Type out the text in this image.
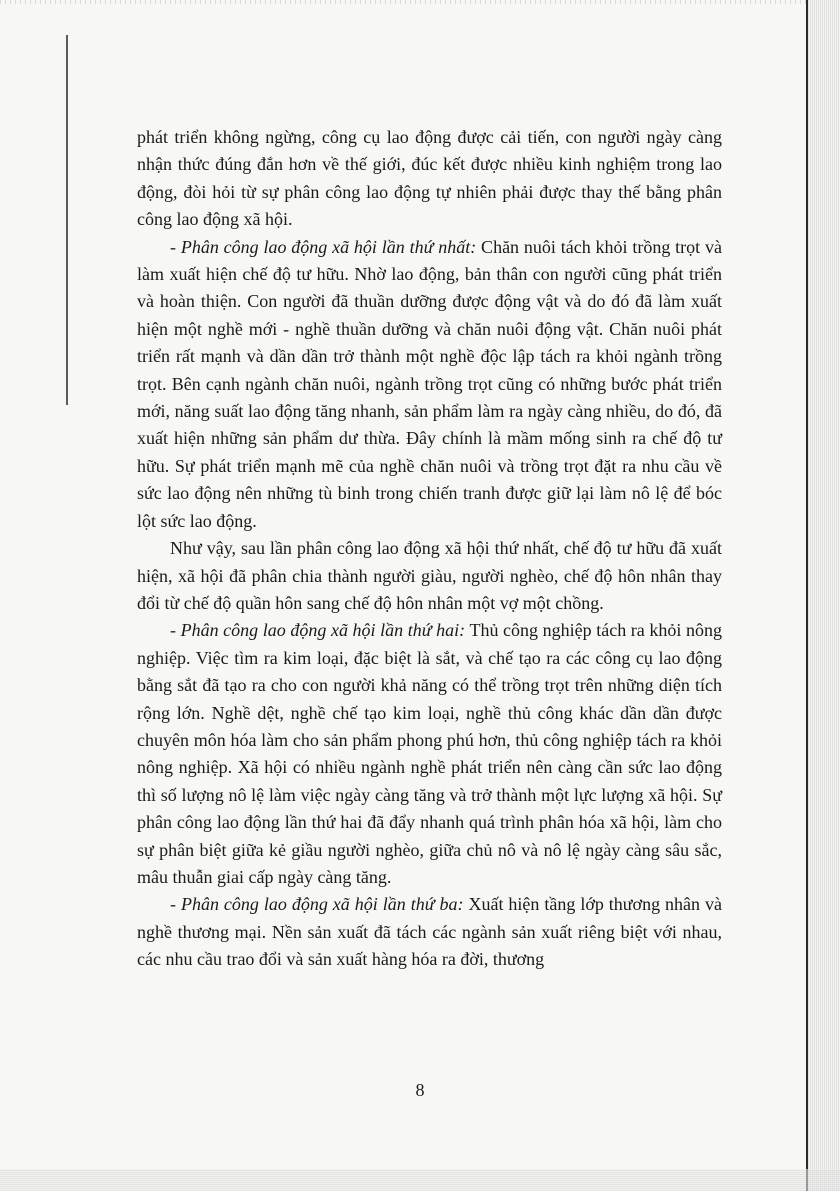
phát triển không ngừng, công cụ lao động được cải tiến, con người ngày càng nhận thức đúng đắn hơn về thế giới, đúc kết được nhiều kinh nghiệm trong lao động, đòi hỏi từ sự phân công lao động tự nhiên phải được thay thế bằng phân công lao động xã hội.

- Phân công lao động xã hội lần thứ nhất: Chăn nuôi tách khỏi trồng trọt và làm xuất hiện chế độ tư hữu. Nhờ lao động, bản thân con người cũng phát triển và hoàn thiện. Con người đã thuần dưỡng được động vật và do đó đã làm xuất hiện một nghề mới - nghề thuần dưỡng và chăn nuôi động vật. Chăn nuôi phát triển rất mạnh và dần dần trở thành một nghề độc lập tách ra khỏi ngành trồng trọt. Bên cạnh ngành chăn nuôi, ngành trồng trọt cũng có những bước phát triển mới, năng suất lao động tăng nhanh, sản phẩm làm ra ngày càng nhiều, do đó, đã xuất hiện những sản phẩm dư thừa. Đây chính là mầm mống sinh ra chế độ tư hữu. Sự phát triển mạnh mẽ của nghề chăn nuôi và trồng trọt đặt ra nhu cầu về sức lao động nên những tù binh trong chiến tranh được giữ lại làm nô lệ để bóc lột sức lao động.

Như vậy, sau lần phân công lao động xã hội thứ nhất, chế độ tư hữu đã xuất hiện, xã hội đã phân chia thành người giàu, người nghèo, chế độ hôn nhân thay đổi từ chế độ quần hôn sang chế độ hôn nhân một vợ một chồng.

- Phân công lao động xã hội lần thứ hai: Thủ công nghiệp tách ra khỏi nông nghiệp. Việc tìm ra kim loại, đặc biệt là sắt, và chế tạo ra các công cụ lao động bằng sắt đã tạo ra cho con người khả năng có thể trồng trọt trên những diện tích rộng lớn. Nghề dệt, nghề chế tạo kim loại, nghề thủ công khác dần dần được chuyên môn hóa làm cho sản phẩm phong phú hơn, thủ công nghiệp tách ra khỏi nông nghiệp. Xã hội có nhiều ngành nghề phát triển nên càng cần sức lao động thì số lượng nô lệ làm việc ngày càng tăng và trở thành một lực lượng xã hội. Sự phân công lao động lần thứ hai đã đẩy nhanh quá trình phân hóa xã hội, làm cho sự phân biệt giữa kẻ giầu người nghèo, giữa chủ nô và nô lệ ngày càng sâu sắc, mâu thuẫn giai cấp ngày càng tăng.

- Phân công lao động xã hội lần thứ ba: Xuất hiện tầng lớp thương nhân và nghề thương mại. Nền sản xuất đã tách các ngành sản xuất riêng biệt với nhau, các nhu cầu trao đổi và sản xuất hàng hóa ra đời, thương

8
